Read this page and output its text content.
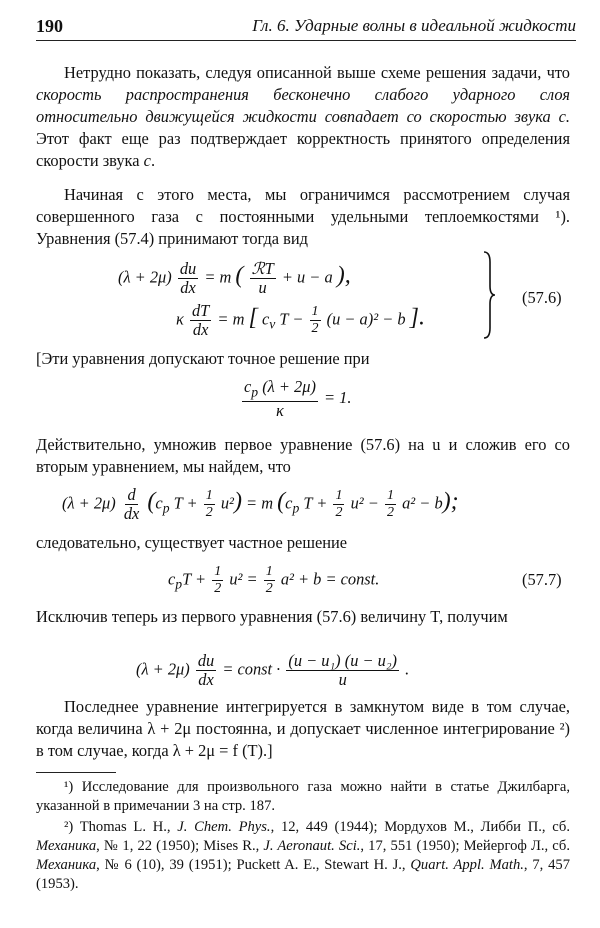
190	Гл. 6. Ударные волны в идеальной жидкости
Нетрудно показать, следуя описанной выше схеме решения задачи, что скорость распространения бесконечно слабого ударного слоя относительно движущейся жидкости совпадает со скоростью звука c. Этот факт еще раз подтверждает корректность принятого определения скорости звука c.
Начиная с этого места, мы ограничимся рассмотрением случая совершенного газа с постоянными удельными теплоемкостями ¹). Уравнения (57.4) принимают тогда вид
$(\lambda + 2\mu) \frac{du}{dx} = m$ ( $\frac{\text{ℛT}}{u} + u - a$ ),
κ $\frac{dT}{dx} = m$ [ $c_v$ $T - \frac{1}{2} (u - a)^2 - b$ ].
(57.6)
[Эти уравнения допускают точное решение при
$\frac{c_p (\lambda + 2\mu)}{\kappa} = 1$.
Действительно, умножив первое уравнение (57.6) на u и сложив его со вторым уравнением, мы найдем, что
$(\lambda + 2\mu) \frac{d}{dx} (c_p$ $T + \frac{1}{2} u^2) = m$ ($c_p$ $T + \frac{1}{2} u^2 - \frac{1}{2} a^2 - b$);
следовательно, существует частное решение
$c_pT + \frac{1}{2} u^2 = \frac{1}{2} a^2 + b$ = const.	(57.7)
Исключив теперь из первого уравнения (57.6) величину T, получим
$(\lambda + 2\mu) \frac{du}{dx}$ = const · $\frac{\text{(u − u₁) (u − u₂)}}{u}$ .
Последнее уравнение интегрируется в замкнутом виде в том случае, когда величина λ + 2μ постоянна, и допускает численное интегрирование ²) в том случае, когда λ + 2μ = f (T).]
¹) Исследование для произвольного газа можно найти в статье Джилбарга, указанной в примечании 3 на стр. 187.
²) Thomas L. H., J. Chem. Phys., 12, 449 (1944); Мордухов М., Либби П., сб. Механика, № 1, 22 (1950); Mises R., J. Aeronaut. Sci., 17, 551 (1950); Мейергоф Л., сб. Механика, № 6 (10), 39 (1951); Puckett A. E., Stewart H. J., Quart. Appl. Math., 7, 457 (1953).
